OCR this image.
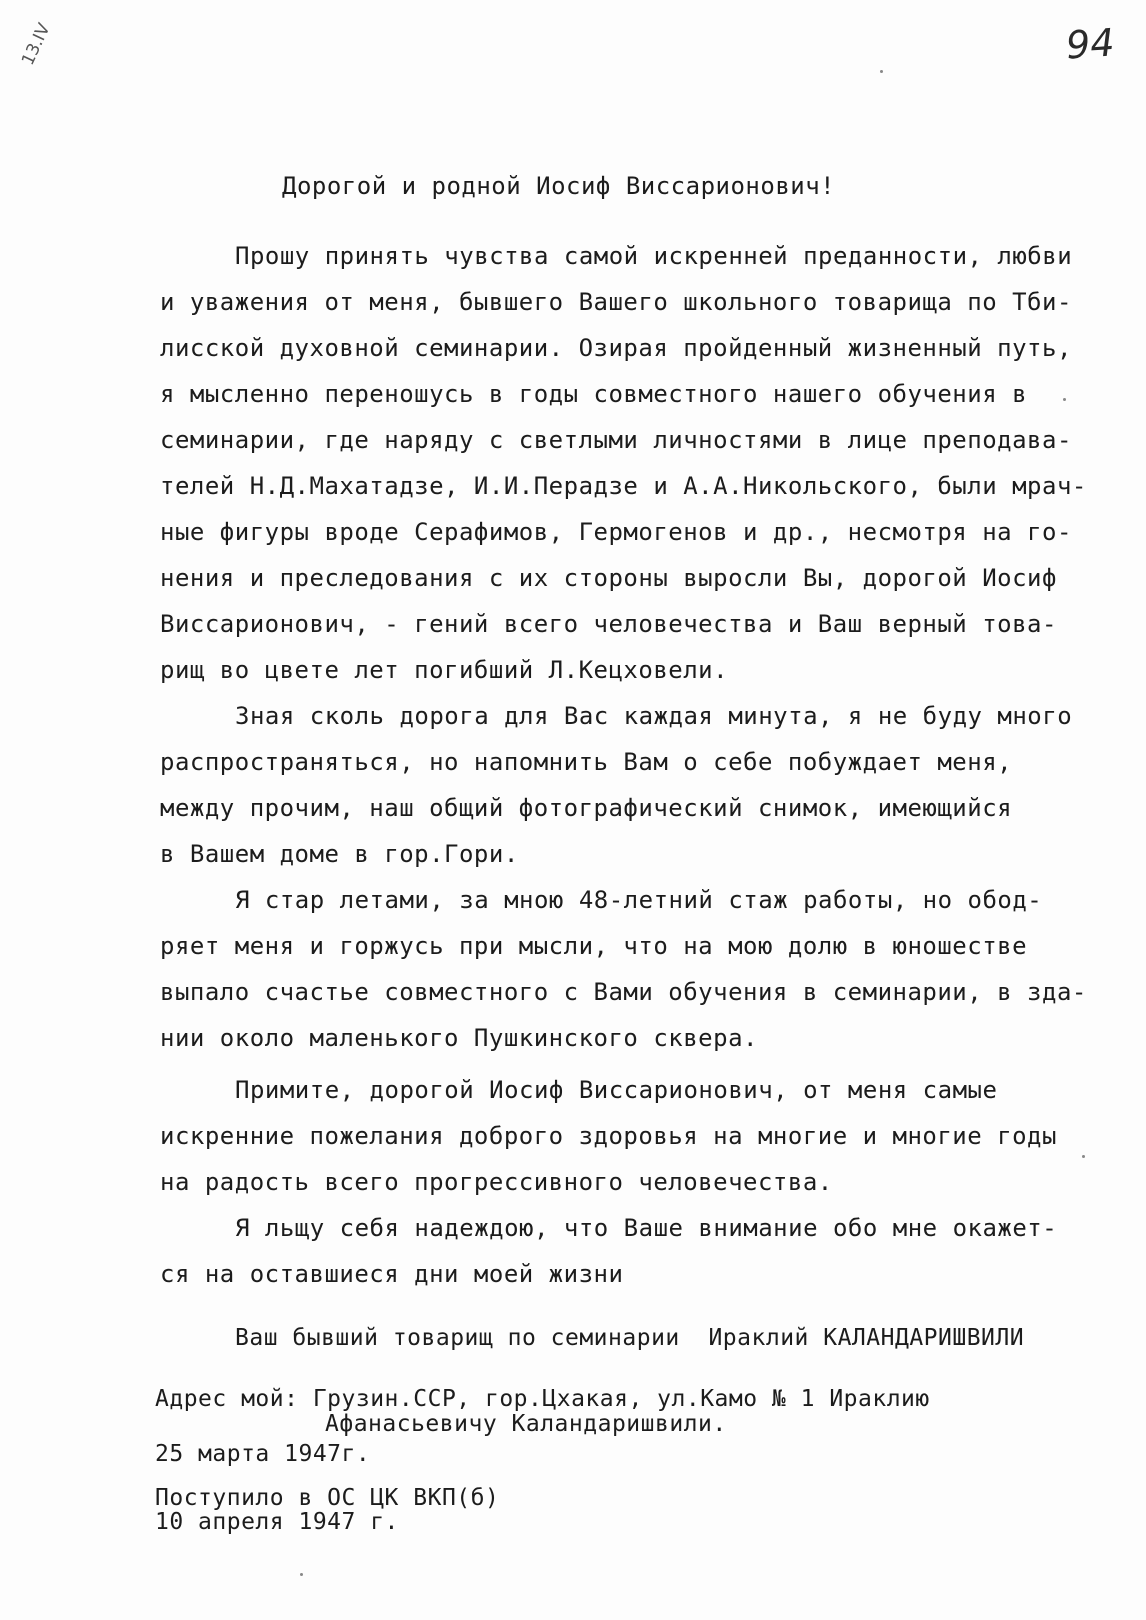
94
13.IV
Дорогой и родной Иосиф Виссарионович!
Прошу принять чувства самой искренней преданности, любви
и уважения от меня, бывшего Вашего школьного товарища по Тби-
лисской духовной семинарии. Озирая пройденный жизненный путь,
я мысленно переношусь в годы совместного нашего обучения в
семинарии, где наряду с светлыми личностями в лице преподава-
телей Н.Д.Махатадзе, И.И.Перадзе и А.А.Никольского, были мрач-
ные фигуры вроде Серафимов, Гермогенов и др., несмотря на го-
нения и преследования с их стороны выросли Вы, дорогой Иосиф
Виссарионович, - гений всего человечества и Ваш верный това-
рищ во цвете лет погибший Л.Кецховели.
Зная сколь дорога для Вас каждая минута, я не буду много
распространяться, но напомнить Вам о себе побуждает меня,
между прочим, наш общий фотографический снимок, имеющийся
в Вашем доме в гор.Гори.
Я стар летами, за мною 48-летний стаж работы, но обод-
ряет меня и горжусь при мысли, что на мою долю в юношестве
выпало счастье совместного с Вами обучения в семинарии, в зда-
нии около маленького Пушкинского сквера.
Примите, дорогой Иосиф Виссарионович, от меня самые
искренние пожелания доброго здоровья на многие и многие годы
на радость всего прогрессивного человечества.
Я льщу себя надеждою, что Ваше внимание обо мне окажет-
ся на оставшиеся дни моей жизни
Ваш бывший товарищ по семинарии  Ираклий КАЛАНДАРИШВИЛИ
Адрес мой: Грузин.ССР, гор.Цхакая, ул.Камо № 1 Ираклию
Афанасьевичу Каландаришвили.
25 марта 1947г.
Поступило в ОС ЦК ВКП(б)
10 апреля 1947 г.
